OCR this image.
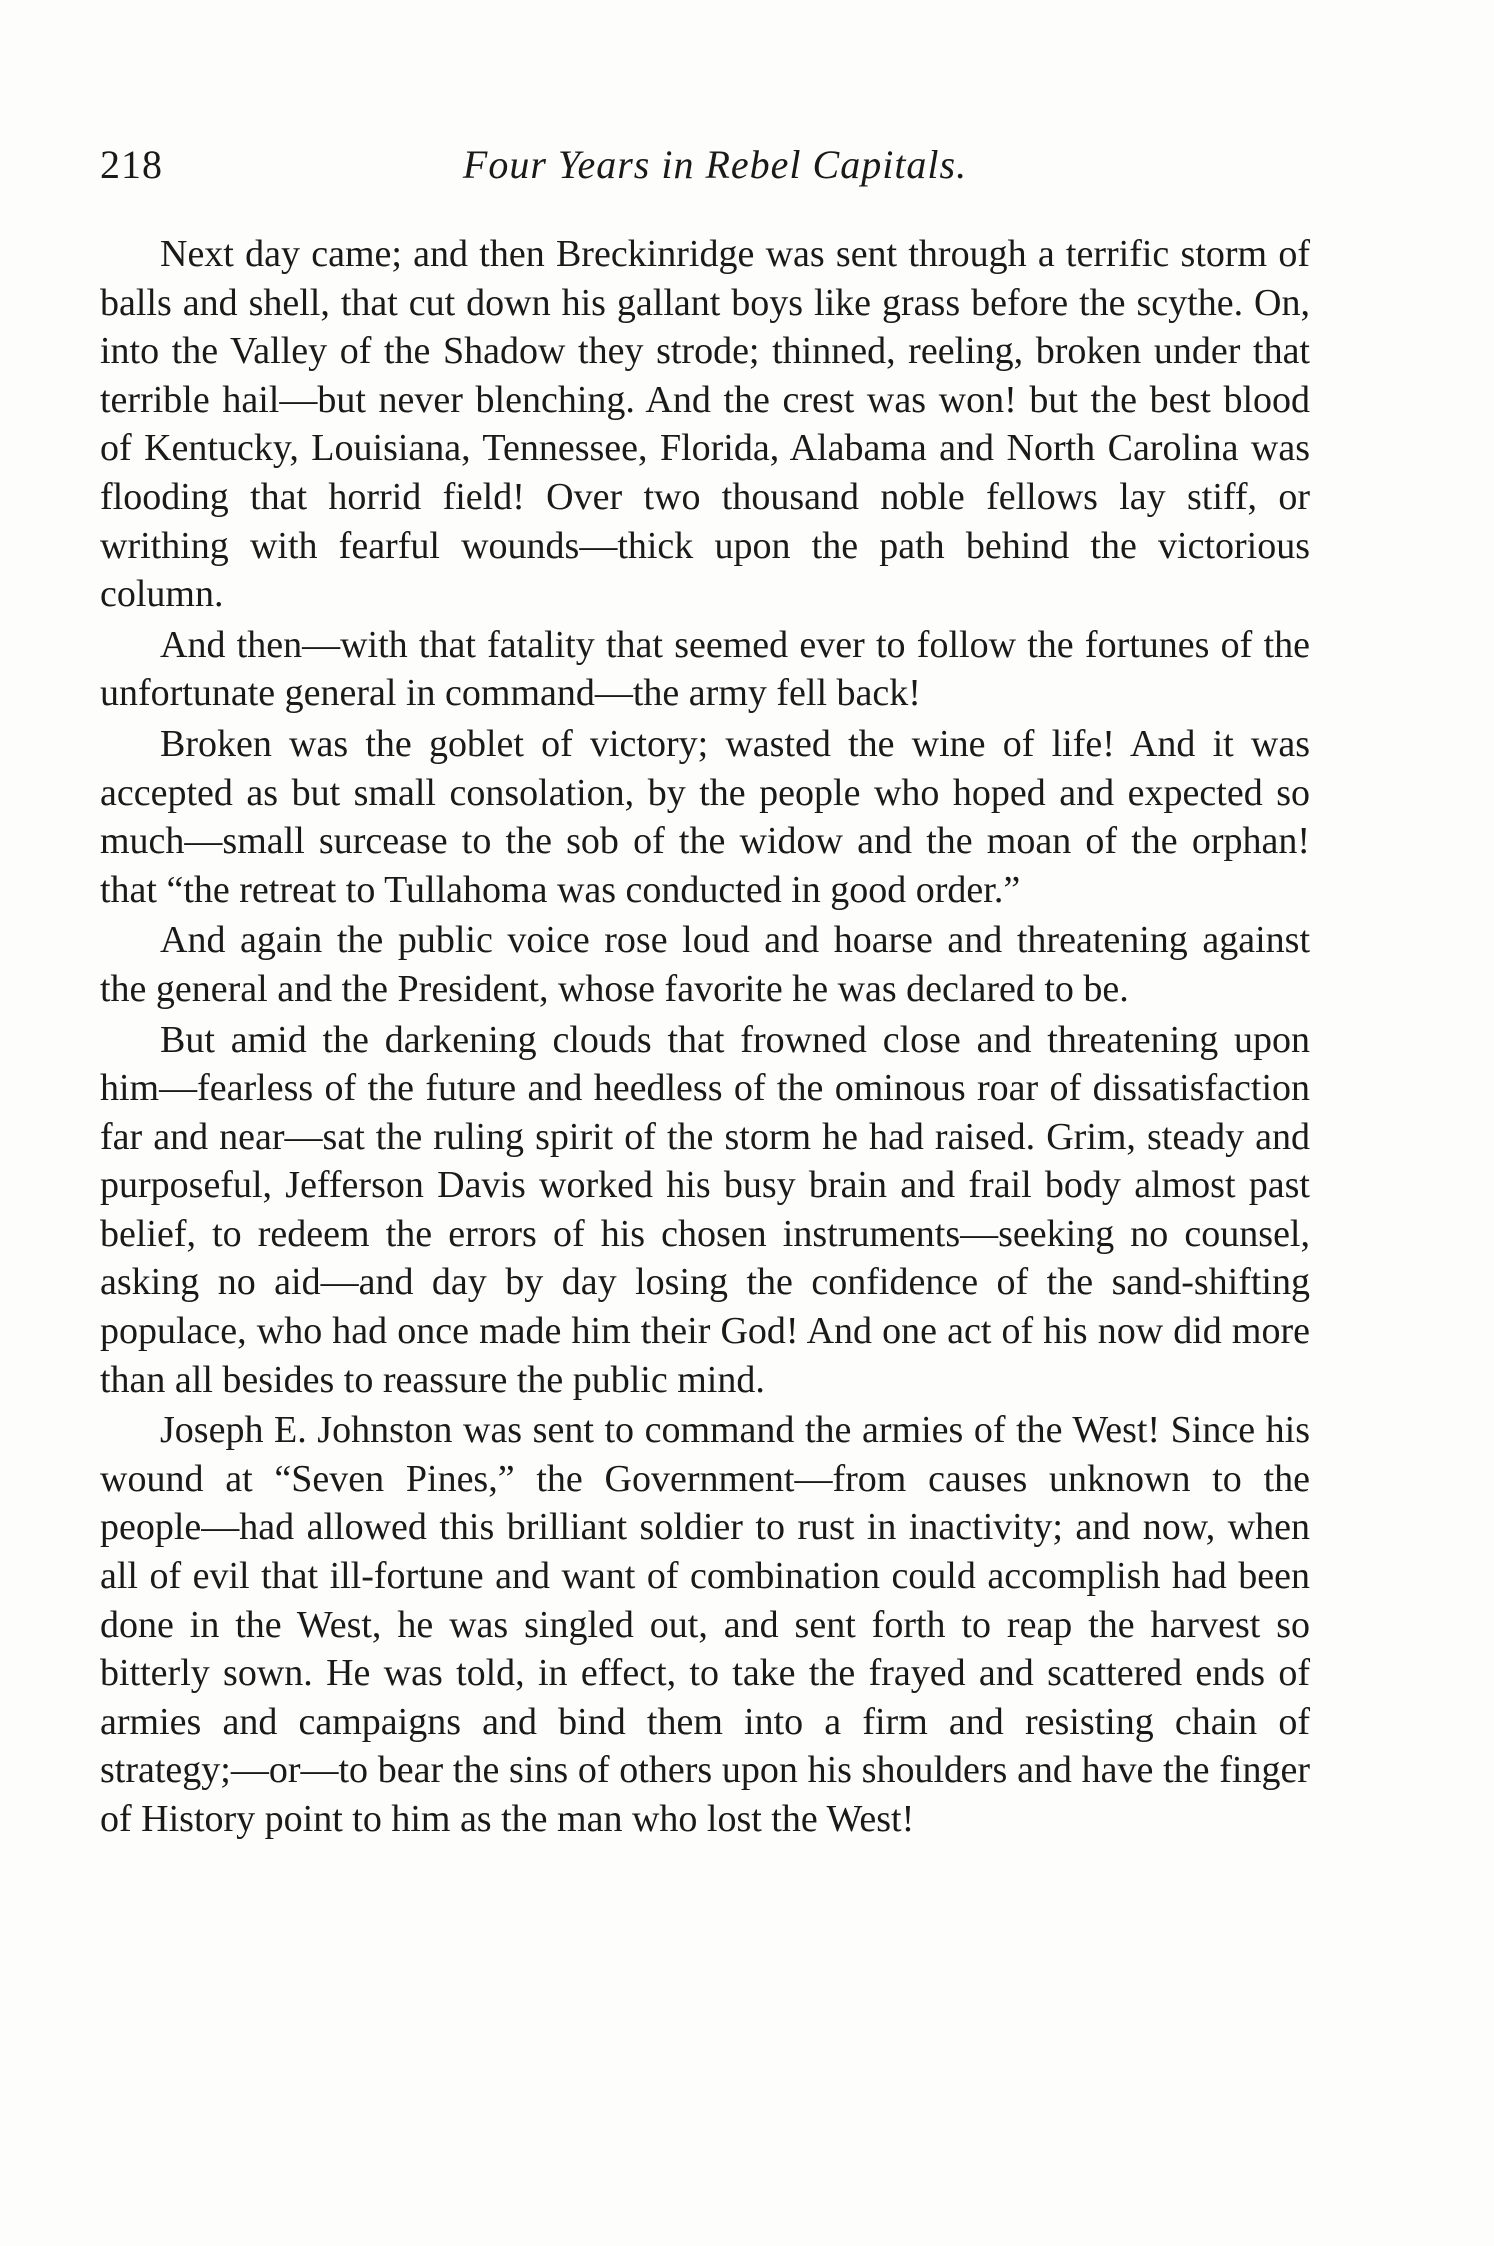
218	Four Years in Rebel Capitals.

Next day came; and then Breckinridge was sent through a terrific storm of balls and shell, that cut down his gallant boys like grass before the scythe. On, into the Valley of the Shadow they strode; thinned, reeling, broken under that terrible hail—but never blenching. And the crest was won! but the best blood of Kentucky, Louisiana, Tennessee, Florida, Alabama and North Carolina was flooding that horrid field! Over two thousand noble fellows lay stiff, or writhing with fearful wounds—thick upon the path behind the victorious column.

And then—with that fatality that seemed ever to follow the fortunes of the unfortunate general in command—the army fell back!

Broken was the goblet of victory; wasted the wine of life! And it was accepted as but small consolation, by the people who hoped and expected so much—small surcease to the sob of the widow and the moan of the orphan! that “the retreat to Tullahoma was conducted in good order.”

And again the public voice rose loud and hoarse and threatening against the general and the President, whose favorite he was declared to be.

But amid the darkening clouds that frowned close and threatening upon him—fearless of the future and heedless of the ominous roar of dissatisfaction far and near—sat the ruling spirit of the storm he had raised. Grim, steady and purposeful, Jefferson Davis worked his busy brain and frail body almost past belief, to redeem the errors of his chosen instruments—seeking no counsel, asking no aid—and day by day losing the confidence of the sand-shifting populace, who had once made him their God! And one act of his now did more than all besides to reassure the public mind.

Joseph E. Johnston was sent to command the armies of the West! Since his wound at “Seven Pines,” the Government—from causes unknown to the people—had allowed this brilliant soldier to rust in inactivity; and now, when all of evil that ill-fortune and want of combination could accomplish had been done in the West, he was singled out, and sent forth to reap the harvest so bitterly sown. He was told, in effect, to take the frayed and scattered ends of armies and campaigns and bind them into a firm and resisting chain of strategy;—or—to bear the sins of others upon his shoulders and have the finger of History point to him as the man who lost the West!
